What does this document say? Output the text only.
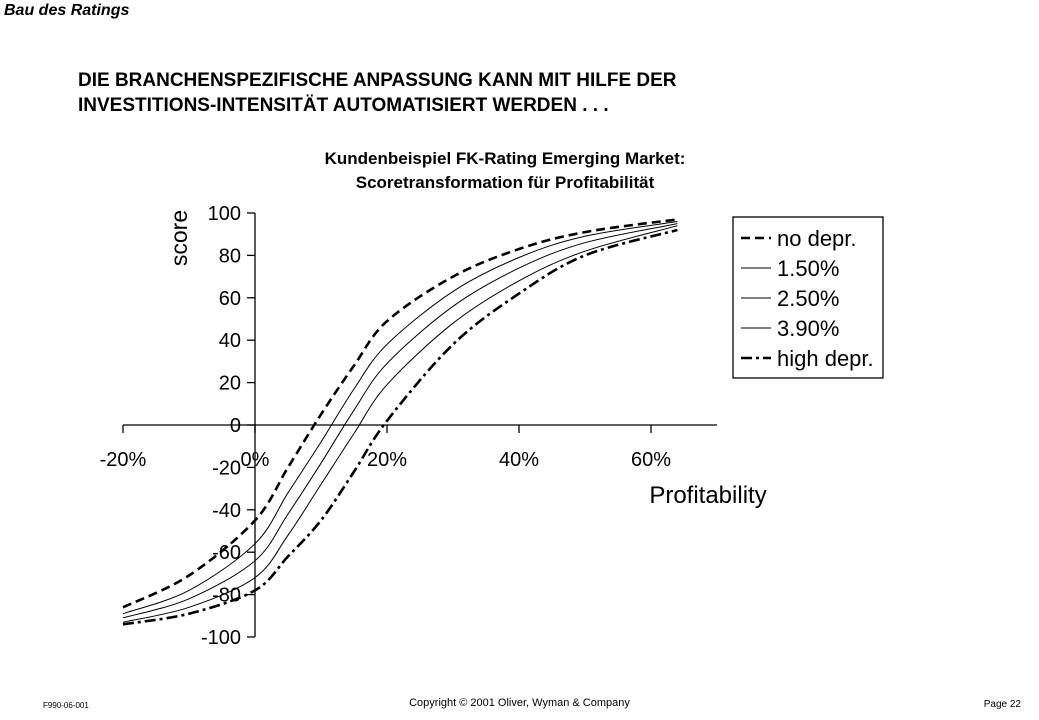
Bau des Ratings
DIE BRANCHENSPEZIFISCHE ANPASSUNG KANN MIT HILFE DER
INVESTITIONS-INTENSITÄT AUTOMATISIERT WERDEN . . .
Kundenbeispiel FK-Rating Emerging Market:
Scoretransformation für Profitabilität
-20%	0%	20%	40%	60%
-100
-80
-60
-40
-20
0
20
40
60
80
100
score
Profitability
no depr.
1.50%
2.50%
3.90%
high depr.
F990-06-001	Copyright © 2001 Oliver, Wyman & Company	Page 22
